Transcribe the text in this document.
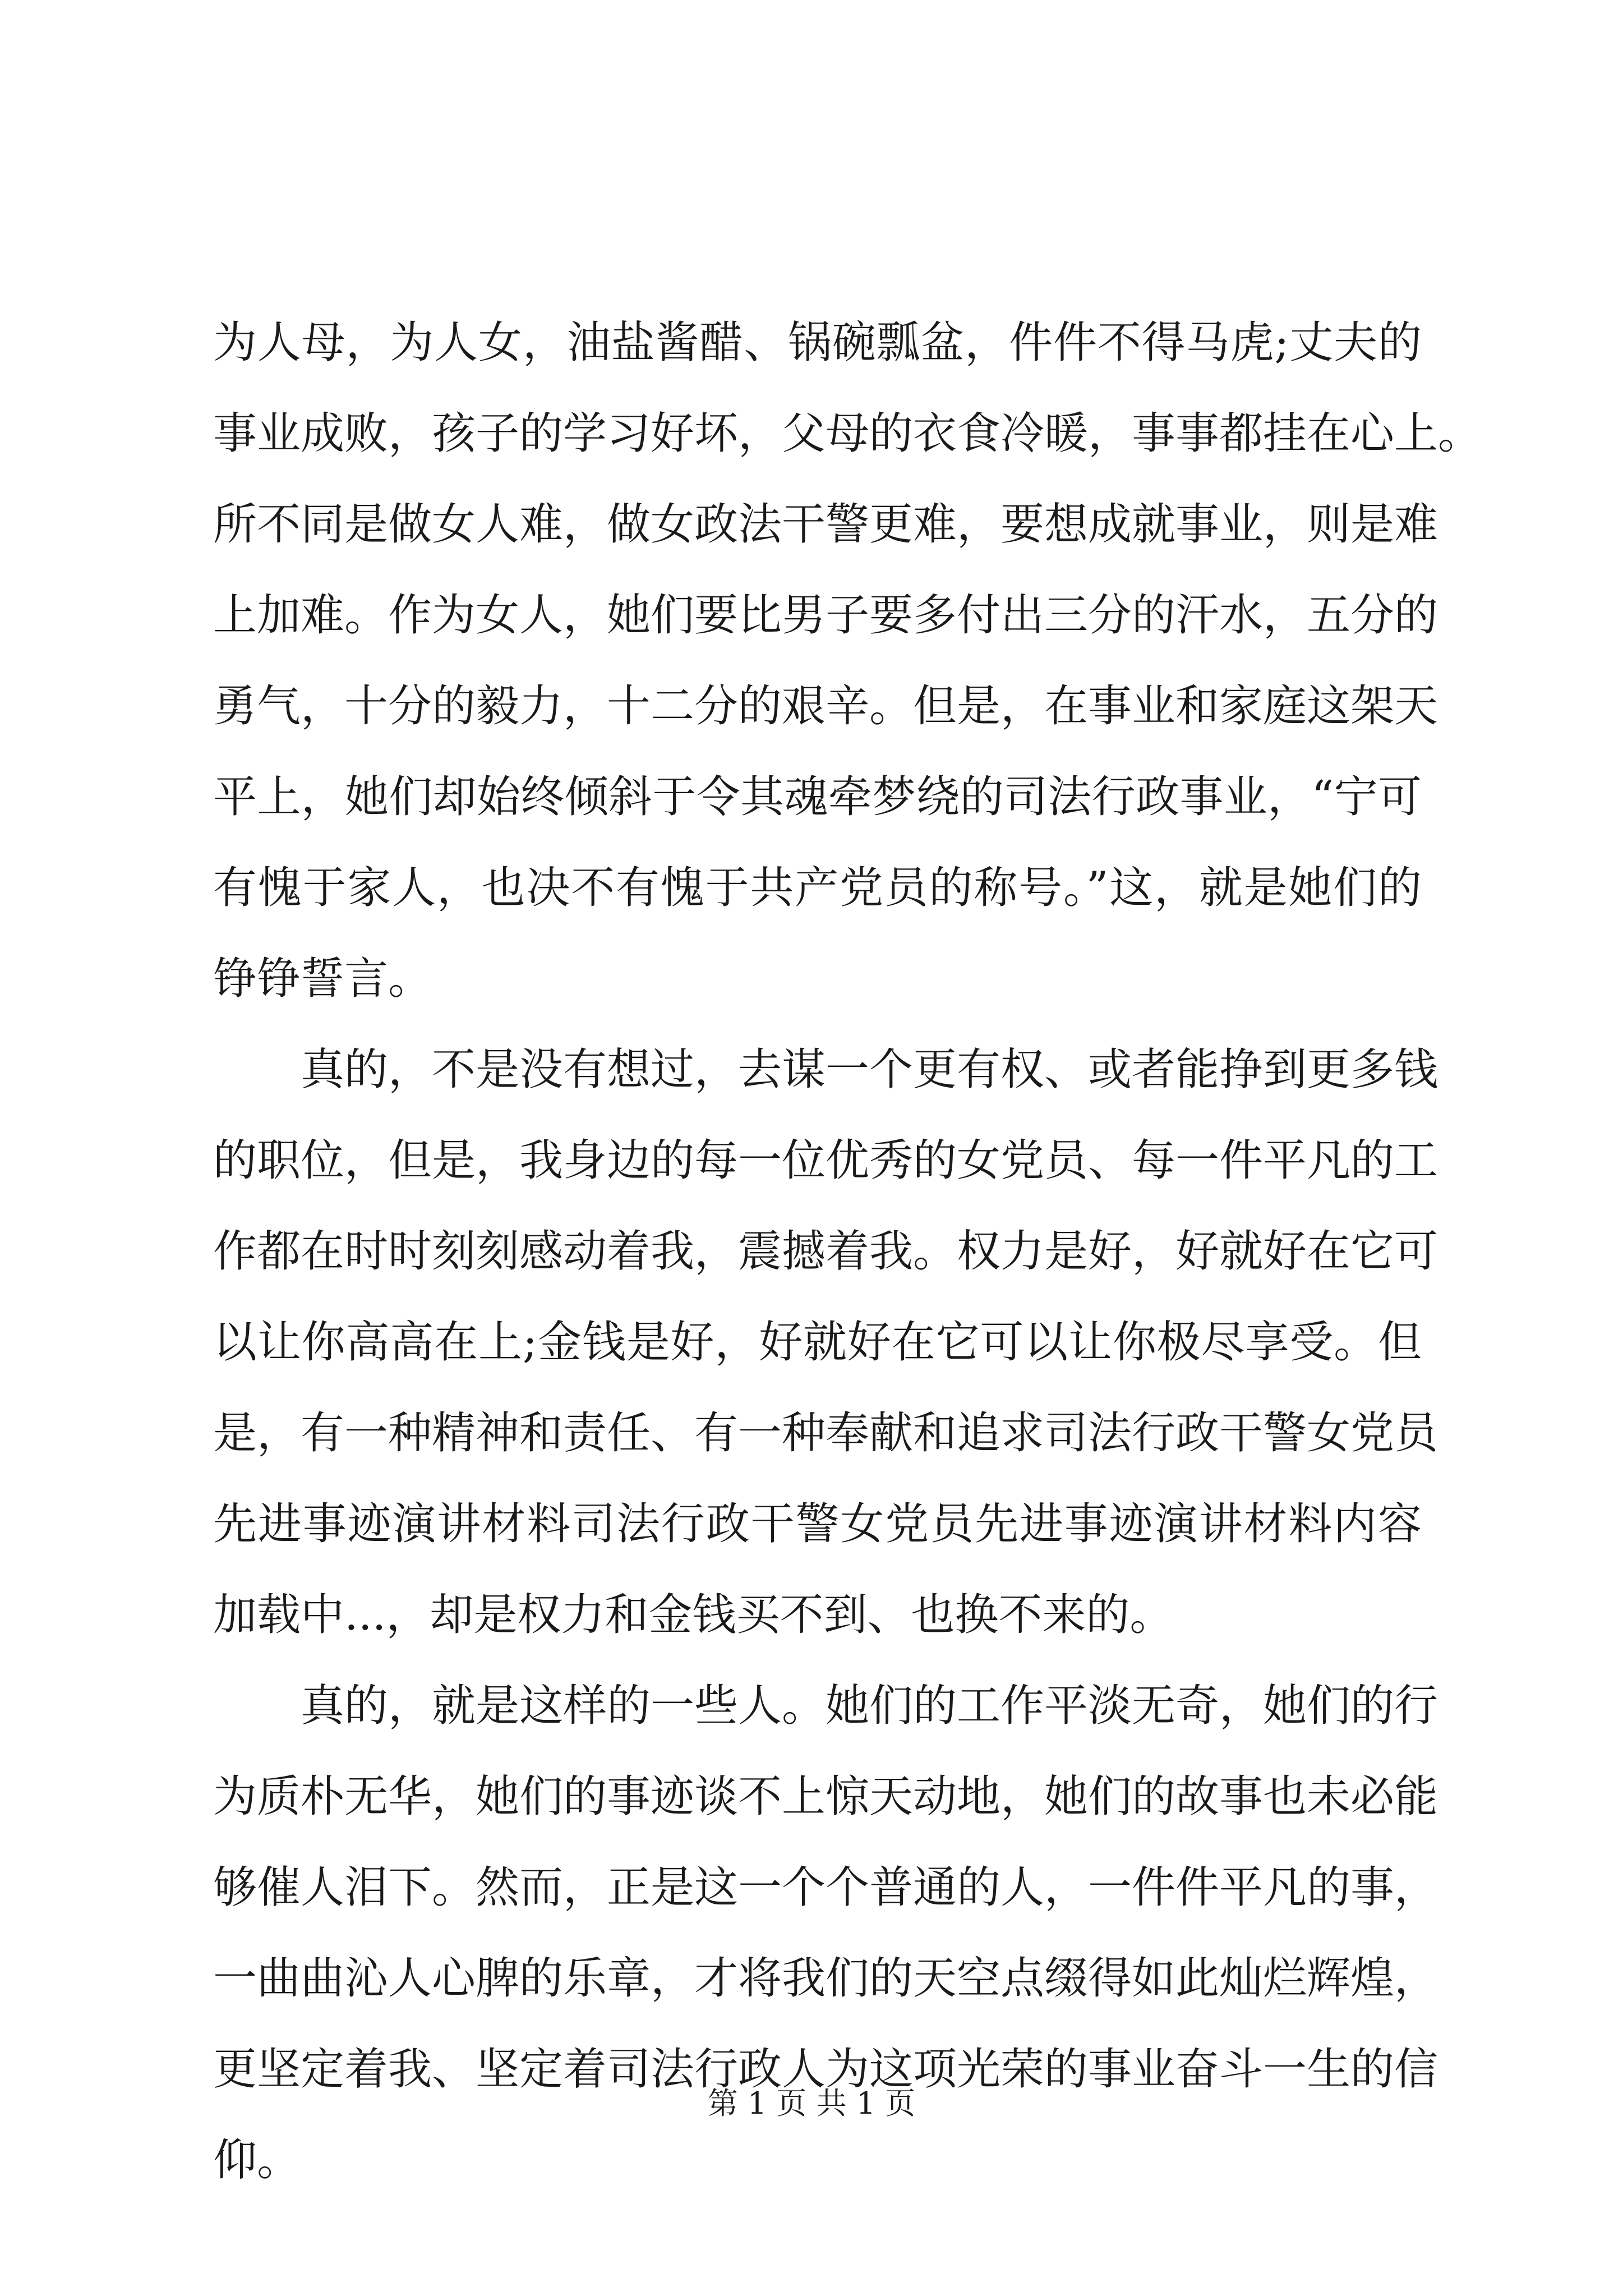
为人母，为人女，油盐酱醋、锅碗瓢盆，件件不得马虎;丈夫的
事业成败，孩子的学习好坏，父母的衣食冷暖，事事都挂在心上。
所不同是做女人难，做女政法干警更难，要想成就事业，则是难
上加难。作为女人，她们要比男子要多付出三分的汗水，五分的
勇气，十分的毅力，十二分的艰辛。但是，在事业和家庭这架天
平上，她们却始终倾斜于令其魂牵梦绕的司法行政事业，“宁可
有愧于家人，也决不有愧于共产党员的称号。”这，就是她们的
铮铮誓言。
真的，不是没有想过，去谋一个更有权、或者能挣到更多钱
的职位，但是，我身边的每一位优秀的女党员、每一件平凡的工
作都在时时刻刻感动着我，震撼着我。权力是好，好就好在它可
以让你高高在上;金钱是好，好就好在它可以让你极尽享受。但
是，有一种精神和责任、有一种奉献和追求司法行政干警女党员
先进事迹演讲材料司法行政干警女党员先进事迹演讲材料内容
加载中...，却是权力和金钱买不到、也换不来的。
真的，就是这样的一些人。她们的工作平淡无奇，她们的行
为质朴无华，她们的事迹谈不上惊天动地，她们的故事也未必能
够催人泪下。然而，正是这一个个普通的人，一件件平凡的事，
一曲曲沁人心脾的乐章，才将我们的天空点缀得如此灿烂辉煌，
更坚定着我、坚定着司法行政人为这项光荣的事业奋斗一生的信
仰。
第 1 页 共 1 页
